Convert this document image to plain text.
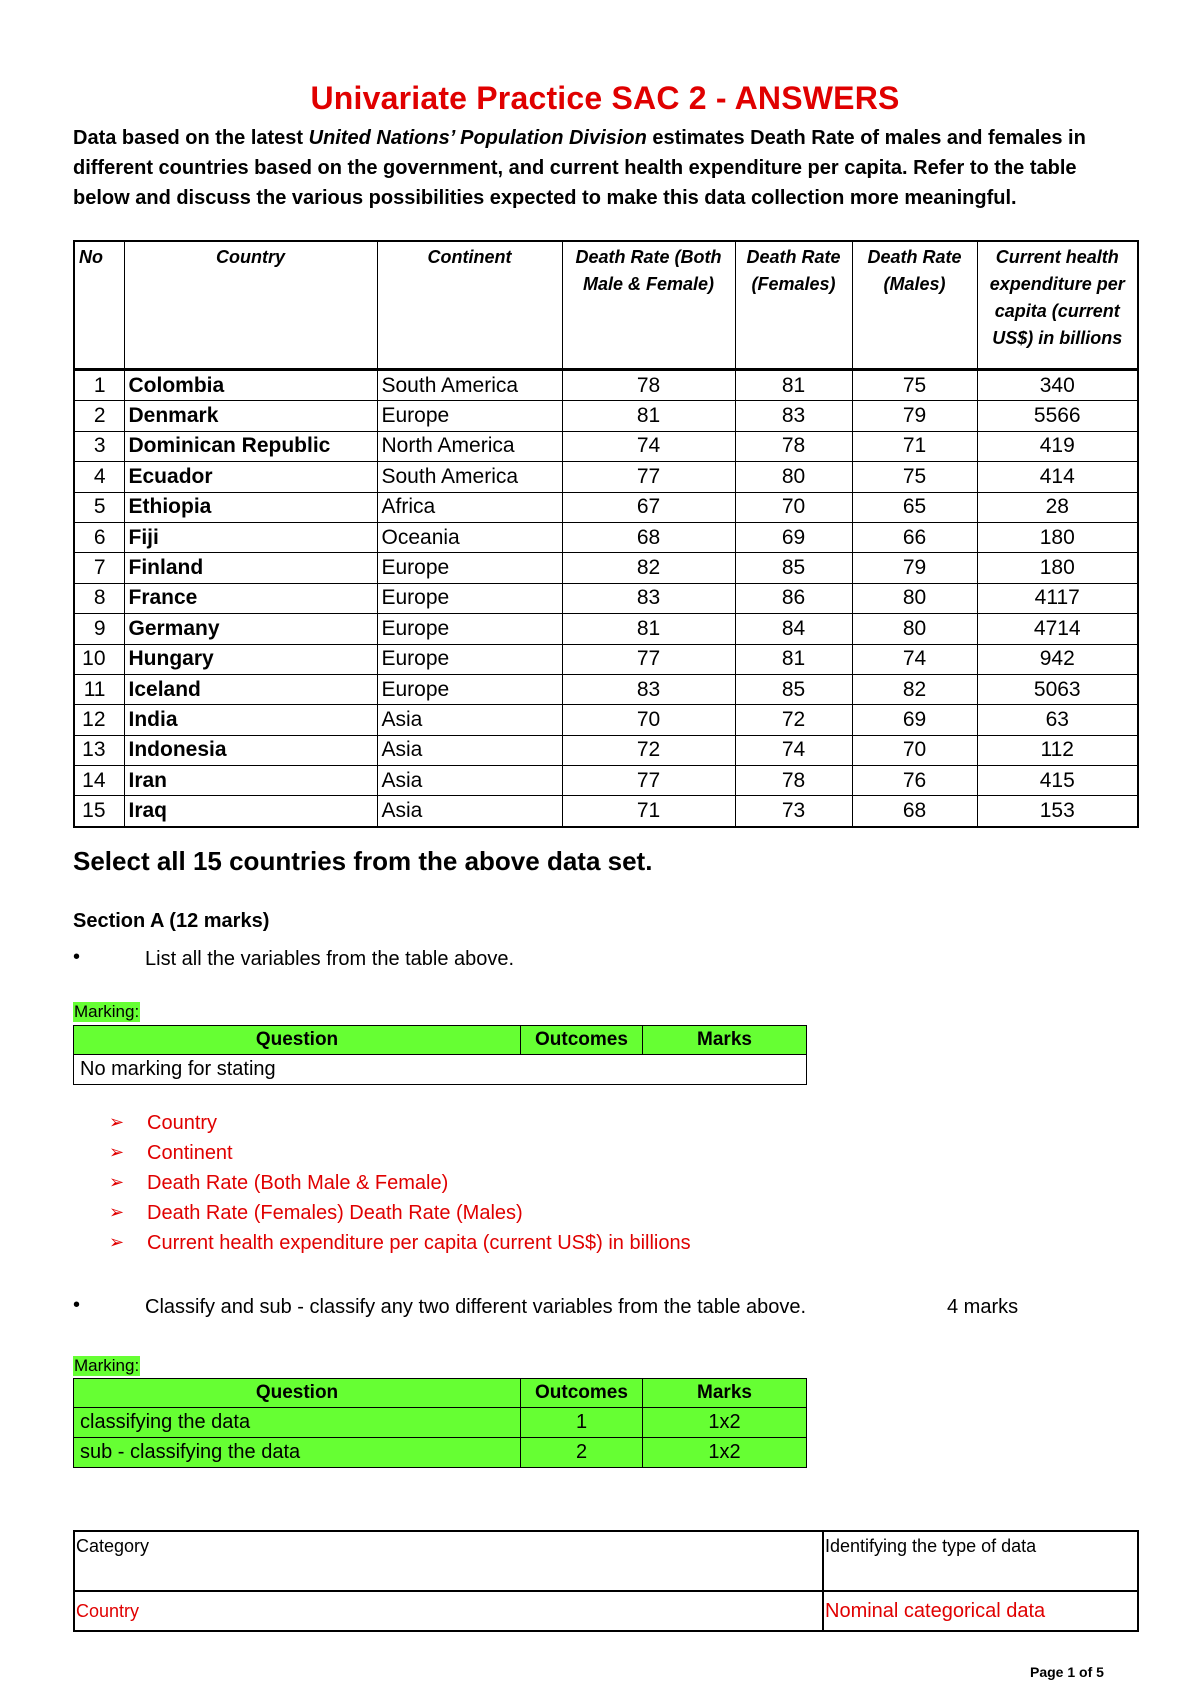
Univariate Practice SAC 2 - ANSWERS
Data based on the latest United Nations’ Population Division estimates Death Rate of males and females in different countries based on the government, and current health expenditure per capita. Refer to the table below and discuss the various possibilities expected to make this data collection more meaningful.
No	Country	Continent	Death Rate (Both Male & Female)	Death Rate (Females)	Death Rate (Males)	Current health expenditure per capita (current US$) in billions
1	Colombia	South America	78	81	75	340
2	Denmark	Europe	81	83	79	5566
3	Dominican Republic	North America	74	78	71	419
4	Ecuador	South America	77	80	75	414
5	Ethiopia	Africa	67	70	65	28
6	Fiji	Oceania	68	69	66	180
7	Finland	Europe	82	85	79	180
8	France	Europe	83	86	80	4117
9	Germany	Europe	81	84	80	4714
10	Hungary	Europe	77	81	74	942
11	Iceland	Europe	83	85	82	5063
12	India	Asia	70	72	69	63
13	Indonesia	Asia	72	74	70	112
14	Iran	Asia	77	78	76	415
15	Iraq	Asia	71	73	68	153
Select all 15 countries from the above data set.
Section A (12 marks)
•	List all the variables from the table above.
Marking:
Question	Outcomes	Marks
No marking for stating
➢ Country
➢ Continent
➢ Death Rate (Both Male & Female)
➢ Death Rate (Females) Death Rate (Males)
➢ Current health expenditure per capita (current US$) in billions
•	Classify and sub - classify any two different variables from the table above.	4 marks
Marking:
Question	Outcomes	Marks
classifying the data	1	1x2
sub - classifying the data	2	1x2
Category	Identifying the type of data
Country	Nominal categorical data
Page 1 of 5
